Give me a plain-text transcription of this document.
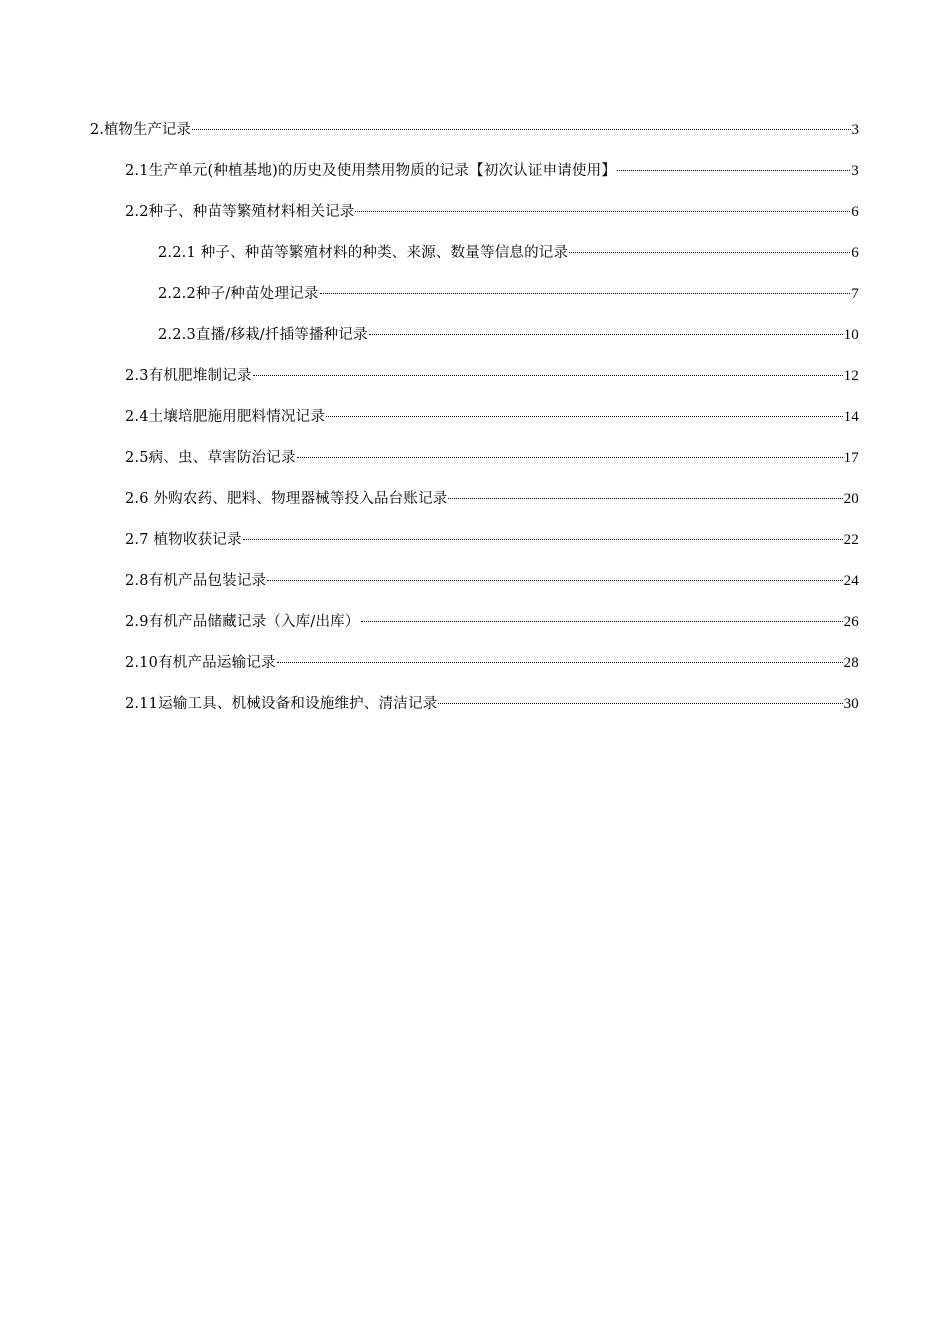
2.植物生产记录	3
2.1生产单元(种植基地)的历史及使用禁用物质的记录【初次认证申请使用】	3
2.2种子、种苗等繁殖材料相关记录	6
2.2.1 种子、种苗等繁殖材料的种类、来源、数量等信息的记录	6
2.2.2种子/种苗处理记录	7
2.2.3直播/移栽/扦插等播种记录	10
2.3有机肥堆制记录	12
2.4土壤培肥施用肥料情况记录	14
2.5病、虫、草害防治记录	17
2.6 外购农药、肥料、物理器械等投入品台账记录	20
2.7 植物收获记录	22
2.8有机产品包装记录	24
2.9有机产品储藏记录（入库/出库）	26
2.10有机产品运输记录	28
2.11运输工具、机械设备和设施维护、清洁记录	30
